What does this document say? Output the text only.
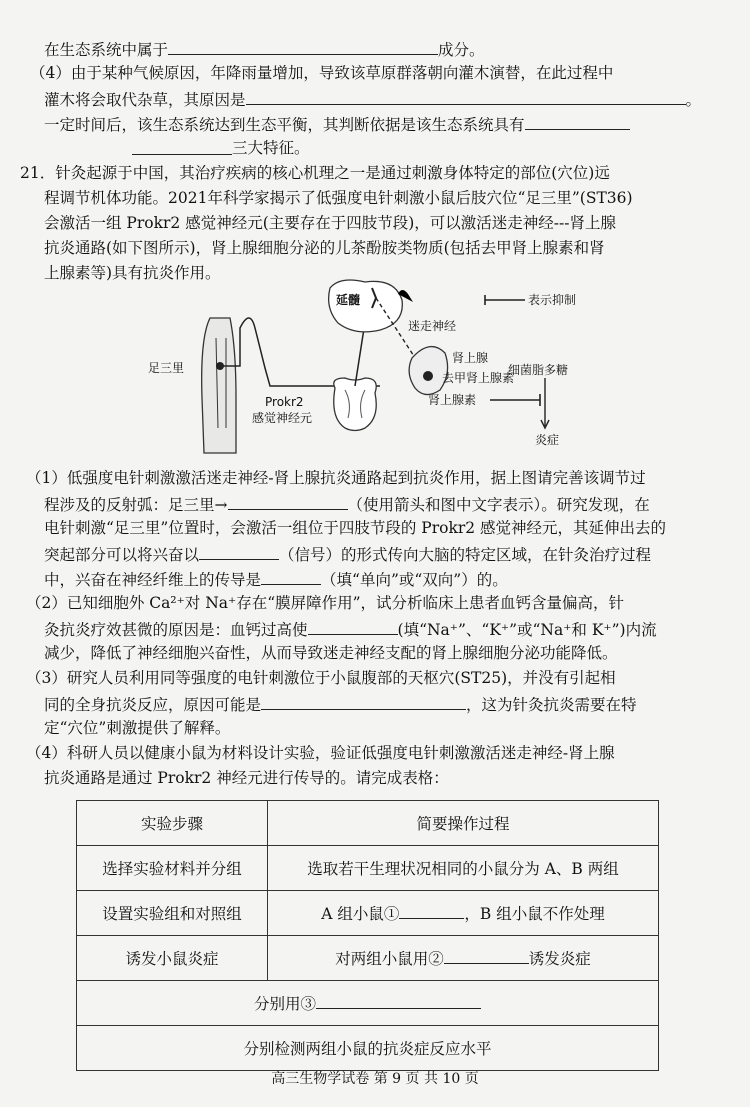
在生态系统中属于	成分。
（4）由于某种气候原因，年降雨量增加，导致该草原群落朝向灌木演替，在此过程中
灌木将会取代杂草，其原因是	。
一定时间后，该生态系统达到生态平衡，其判断依据是该生态系统具有
三大特征。
21．针灸起源于中国，其治疗疾病的核心机理之一是通过刺激身体特定的部位(穴位)远
程调节机体功能。2021年科学家揭示了低强度电针刺激小鼠后肢穴位“足三里”(ST36)
会激活一组 Prokr2 感觉神经元(主要存在于四肢节段)，可以激活迷走神经---肾上腺
抗炎通路(如下图所示)，肾上腺细胞分泌的儿茶酚胺类物质(包括去甲肾上腺素和肾
上腺素等)具有抗炎作用。
延髓
迷走神经
肾上腺
去甲肾上腺素
肾上腺素
细菌脂多糖
炎症
表示抑制
足三里
Prokr2
感觉神经元
（1）低强度电针刺激激活迷走神经-肾上腺抗炎通路起到抗炎作用，据上图请完善该调节过
程涉及的反射弧：足三里→	（使用箭头和图中文字表示）。研究发现，在
电针刺激“足三里”位置时，会激活一组位于四肢节段的 Prokr2 感觉神经元，其延伸出去的
突起部分可以将兴奋以	（信号）的形式传向大脑的特定区域，在针灸治疗过程
中，兴奋在神经纤维上的传导是	（填“单向”或“双向”）的。
（2）已知细胞外 Ca²⁺对 Na⁺存在“膜屏障作用”，试分析临床上患者血钙含量偏高，针
灸抗炎疗效甚微的原因是：血钙过高使	(填“Na⁺”、“K⁺”或“Na⁺和 K⁺”)内流
减少，降低了神经细胞兴奋性，从而导致迷走神经支配的肾上腺细胞分泌功能降低。
（3）研究人员利用同等强度的电针刺激位于小鼠腹部的天枢穴(ST25)，并没有引起相
同的全身抗炎反应，原因可能是	，这为针灸抗炎需要在特
定“穴位”刺激提供了解释。
（4）科研人员以健康小鼠为材料设计实验，验证低强度电针刺激激活迷走神经-肾上腺
抗炎通路是通过 Prokr2 神经元进行传导的。请完成表格：
实验步骤	简要操作过程
选择实验材料并分组	选取若干生理状况相同的小鼠分为 A、B 两组
设置实验组和对照组	A 组小鼠① ，B 组小鼠不作处理
诱发小鼠炎症	对两组小鼠用② 诱发炎症
分别用③	
分别检测两组小鼠的抗炎症反应水平	
高三生物学试卷 第 9 页 共 10 页
